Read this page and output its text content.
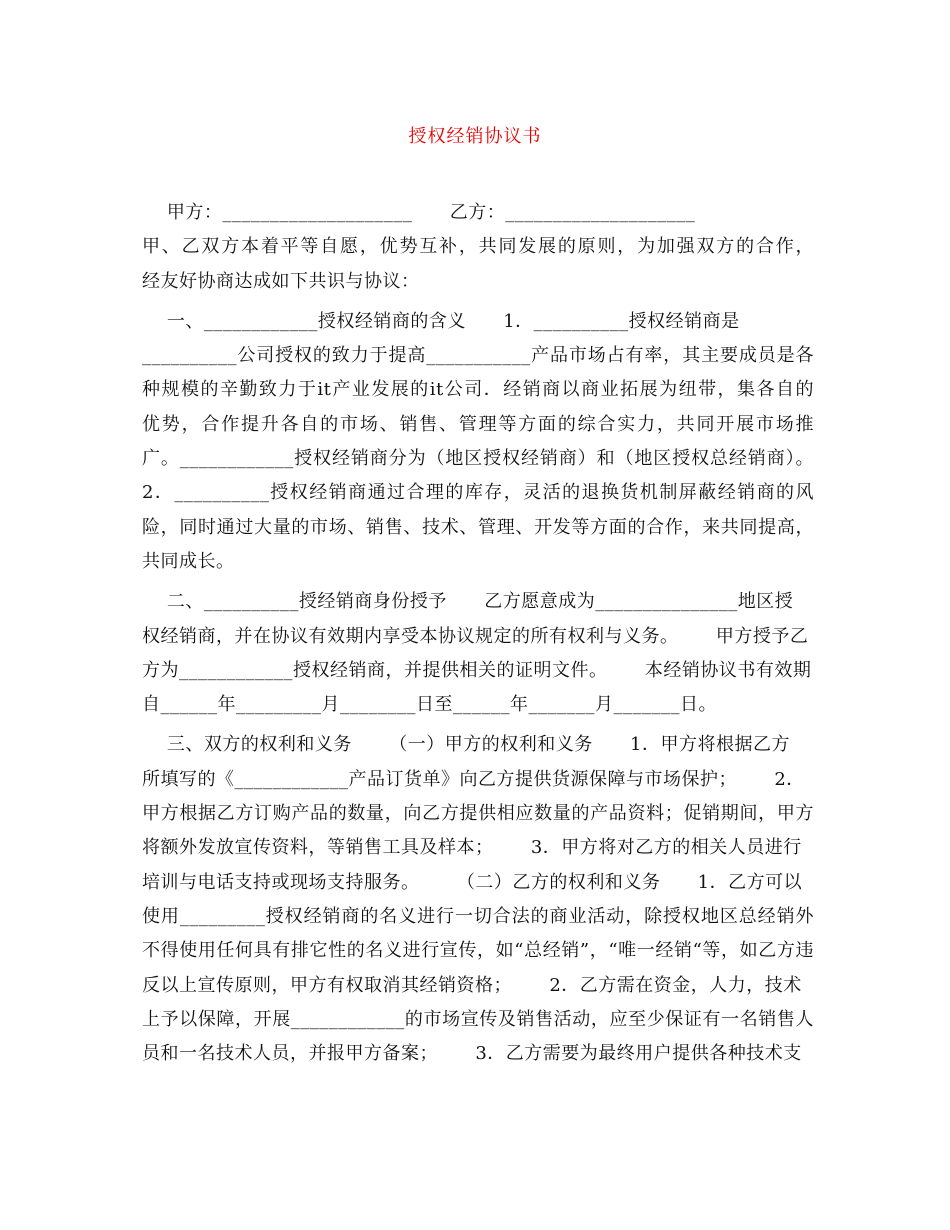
授权经销协议书
甲方：____________________      乙方：____________________
甲、乙双方本着平等自愿，优势互补，共同发展的原则，为加强双方的合作，
经友好协商达成如下共识与协议：
一、____________授权经销商的含义      1．__________授权经销商是
__________公司授权的致力于提高___________产品市场占有率，其主要成员是各
种规模的辛勤致力于it产业发展的it公司．经销商以商业拓展为纽带，集各自的
优势，合作提升各自的市场、销售、管理等方面的综合实力，共同开展市场推
广。____________授权经销商分为（地区授权经销商）和（地区授权总经销商）。
2．__________授权经销商通过合理的库存，灵活的退换货机制屏蔽经销商的风
险，同时通过大量的市场、销售、技术、管理、开发等方面的合作，来共同提高，
共同成长。
二、__________授经销商身份授予      乙方愿意成为_______________地区授
权经销商，并在协议有效期内享受本协议规定的所有权利与义务。      甲方授予乙
方为____________授权经销商，并提供相关的证明文件。      本经销协议书有效期
自______年_________月________日至______年_______月_______日。
三、双方的权利和义务      （一）甲方的权利和义务      1．甲方将根据乙方
所填写的《____________产品订货单》向乙方提供货源保障与市场保护；      2．
甲方根据乙方订购产品的数量，向乙方提供相应数量的产品资料；促销期间，甲方
将额外发放宣传资料，等销售工具及样本；      3．甲方将对乙方的相关人员进行
培训与电话支持或现场支持服务。      （二）乙方的权利和义务      1．乙方可以
使用_________授权经销商的名义进行一切合法的商业活动，除授权地区总经销外
不得使用任何具有排它性的名义进行宣传，如“总经销”，“唯一经销“等，如乙方违
反以上宣传原则，甲方有权取消其经销资格；      2．乙方需在资金，人力，技术
上予以保障，开展____________的市场宣传及销售活动，应至少保证有一名销售人
员和一名技术人员，并报甲方备案；      3．乙方需要为最终用户提供各种技术支
